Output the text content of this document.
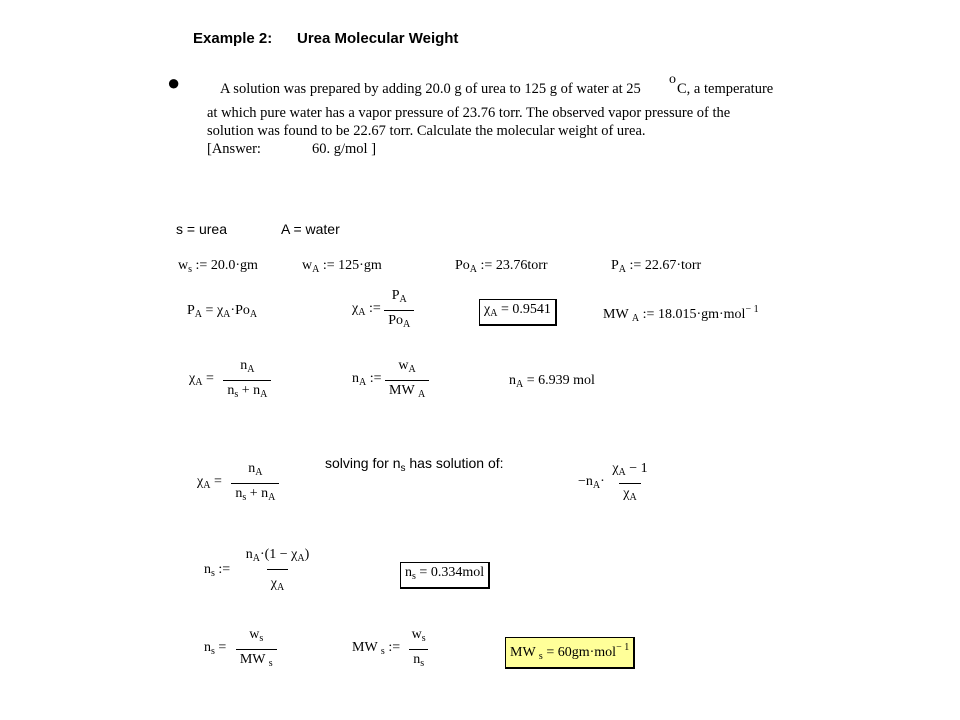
Example 2: Urea Molecular Weight
●	A solution was prepared by adding 20.0 g of urea to 125 g of water at 25
o
C, a temperature
at which pure water has a vapor pressure of 23.76 torr. The observed vapor pressure of the
solution was found to be 22.67 torr. Calculate the molecular weight of urea.
[Answer:	60. g/mol ]
s = urea	A = water
$w_s$ := 20.0·gm	$w_A$ := 125·gm	$Po_A$ := 23.76torr	$P_A$ := 22.67·torr
$P_A = \chi_A\cdot Po_A$	$\chi_A$ := $\frac{P_A}{Po_A}$	$\chi_A = 0.9541$	MW $_A$ := 18.015·gm·mol$^{- 1}$
$\chi_A = \frac{n_A}{n_s + n_A}$	$n_A$ := $\frac{w_A}{MW _A}$	$n_A = 6.939$ mol
solving for $n_s$ has solution of:
$\chi_A = \frac{n_A}{n_s + n_A}$	$-n_A\cdot \frac{\chi_A - 1}{\chi_A}$
$n_s$ := $\frac{n_A\cdot(1 - \chi_A)}{\chi_A}$	$n_s = 0.334mol$
$n_s = \frac{w_s}{MW _s}$	MW $_s$ := $\frac{w_s}{n_s}$	MW $_s$ = 60gm·mol$^{- 1}$
